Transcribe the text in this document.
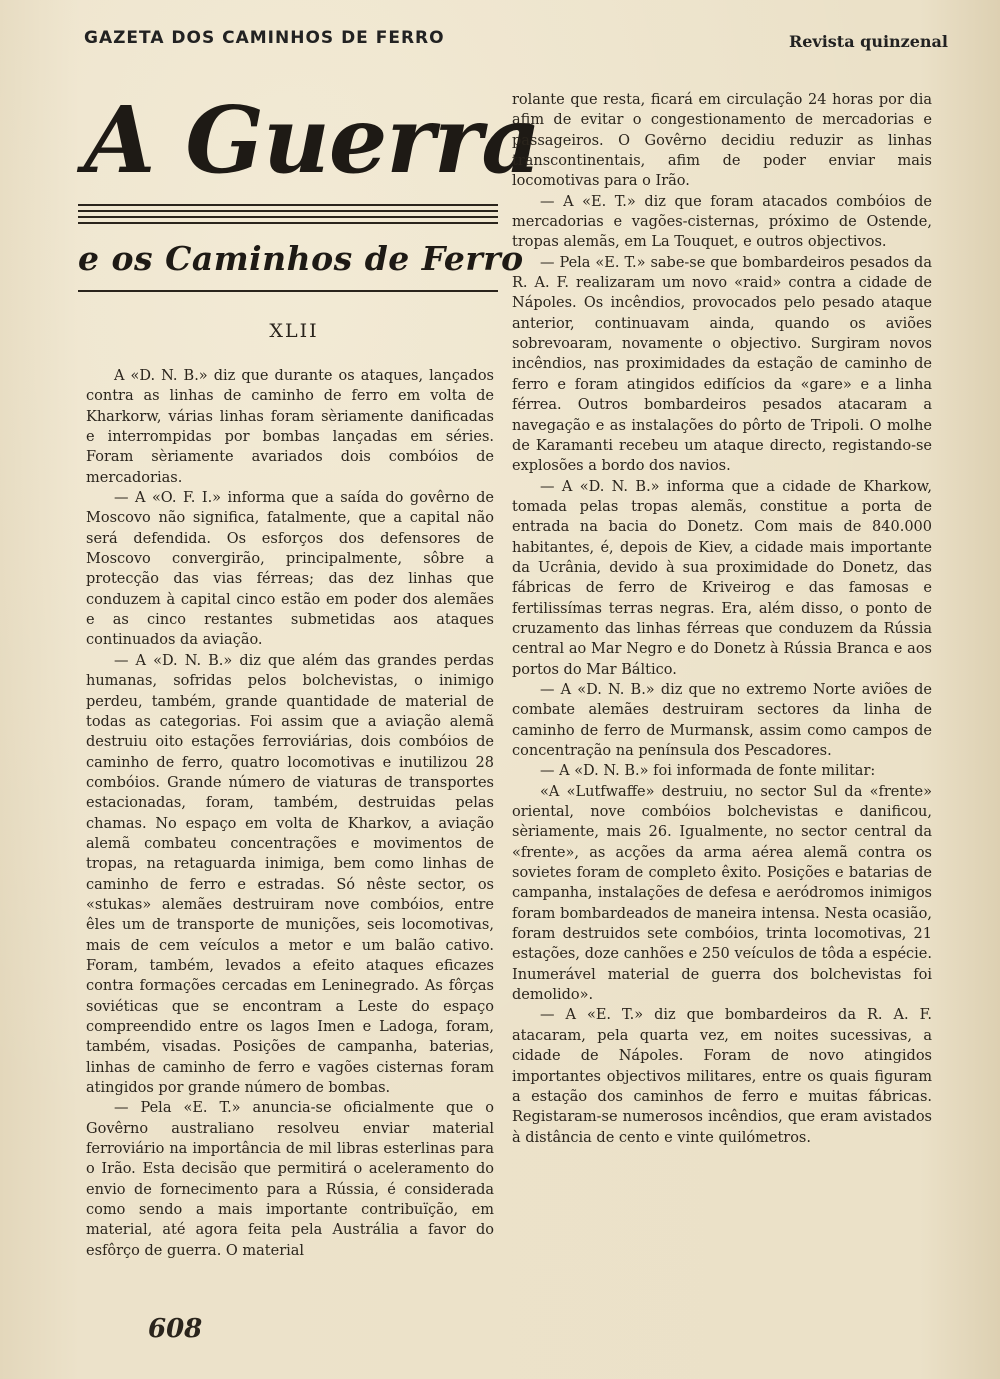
GAZETA DOS CAMINHOS DE FERRO	Revista quinzenal
A Guerra
e os Caminhos de Ferro
XLII

A «D. N. B.» diz que durante os ataques, lançados contra as linhas de caminho de ferro em volta de Kharkorw, várias linhas foram sèriamente danificadas e interrompidas por bombas lançadas em séries. Foram sèriamente avariados dois combóios de mercadorias.

— A «O. F. I.» informa que a saída do govêrno de Moscovo não significa, fatalmente, que a capital não será defendida. Os esforços dos defensores de Moscovo convergirão, principalmente, sôbre a protecção das vias férreas; das dez linhas que conduzem à capital cinco estão em poder dos alemães e as cinco restantes submetidas aos ataques continuados da aviação.

— A «D. N. B.» diz que além das grandes perdas humanas, sofridas pelos bolchevistas, o inimigo perdeu, também, grande quantidade de material de todas as categorias. Foi assim que a aviação alemã destruiu oito estações ferroviárias, dois combóios de caminho de ferro, quatro locomotivas e inutilizou 28 combóios. Grande número de viaturas de transportes estacionadas, foram, também, destruidas pelas chamas. No espaço em volta de Kharkov, a aviação alemã combateu concentrações e movimentos de tropas, na retaguarda inimiga, bem como linhas de caminho de ferro e estradas. Só nêste sector, os «stukas» alemães destruiram nove combóios, entre êles um de transporte de munições, seis locomotivas, mais de cem veículos a metor e um balão cativo. Foram, também, levados a efeito ataques eficazes contra formações cercadas em Leninegrado. As fôrças soviéticas que se encontram a Leste do espaço compreendido entre os lagos Imen e Ladoga, foram, também, visadas. Posições de campanha, baterias, linhas de caminho de ferro e vagões cisternas foram atingidos por grande número de bombas.

— Pela «E. T.» anuncia-se oficialmente que o Govêrno australiano resolveu enviar material ferroviário na importância de mil libras esterlinas para o Irão. Esta decisão que permitirá o aceleramento do envio de fornecimento para a Rússia, é considerada como sendo a mais importante contribuïção, em material, até agora feita pela Austrália a favor do esfôrço de guerra. O material

rolante que resta, ficará em circulação 24 horas por dia afim de evitar o congestionamento de mercadorias e passageiros. O Govêrno decidiu reduzir as linhas transcontinentais, afim de poder enviar mais locomotivas para o Irão.

— A «E. T.» diz que foram atacados combóios de mercadorias e vagões-cisternas, próximo de Ostende, tropas alemãs, em La Touquet, e outros objectivos.

— Pela «E. T.» sabe-se que bombardeiros pesados da R. A. F. realizaram um novo «raid» contra a cidade de Nápoles. Os incêndios, provocados pelo pesado ataque anterior, continuavam ainda, quando os aviões sobrevoaram, novamente o objectivo. Surgiram novos incêndios, nas proximidades da estação de caminho de ferro e foram atingidos edifícios da «gare» e a linha férrea. Outros bombardeiros pesados atacaram a navegação e as instalações do pôrto de Tripoli. O molhe de Karamanti recebeu um ataque directo, registando-se explosões a bordo dos navios.

— A «D. N. B.» informa que a cidade de Kharkow, tomada pelas tropas alemãs, constitue a porta de entrada na bacia do Donetz. Com mais de 840.000 habitantes, é, depois de Kiev, a cidade mais importante da Ucrânia, devido à sua proximidade do Donetz, das fábricas de ferro de Kriveirog e das famosas e fertilissímas terras negras. Era, além disso, o ponto de cruzamento das linhas férreas que conduzem da Rússia central ao Mar Negro e do Donetz à Rússia Branca e aos portos do Mar Báltico.

— A «D. N. B.» diz que no extremo Norte aviões de combate alemães destruiram sectores da linha de caminho de ferro de Murmansk, assim como campos de concentração na península dos Pescadores.

— A «D. N. B.» foi informada de fonte militar:

«A «Lutfwaffe» destruiu, no sector Sul da «frente» oriental, nove combóios bolchevistas e danificou, sèriamente, mais 26. Igualmente, no sector central da «frente», as acções da arma aérea alemã contra os sovietes foram de completo êxito. Posições e batarias de campanha, instalações de defesa e aeródromos inimigos foram bombardeados de maneira intensa. Nesta ocasião, foram destruidos sete combóios, trinta locomotivas, 21 estações, doze canhões e 250 veículos de tôda a espécie. Inumerável material de guerra dos bolchevistas foi demolido».

— A «E. T.» diz que bombardeiros da R. A. F. atacaram, pela quarta vez, em noites sucessivas, a cidade de Nápoles. Foram de novo atingidos importantes objectivos militares, entre os quais figuram a estação dos caminhos de ferro e muitas fábricas. Registaram-se numerosos incêndios, que eram avistados à distância de cento e vinte quilómetros.

608
